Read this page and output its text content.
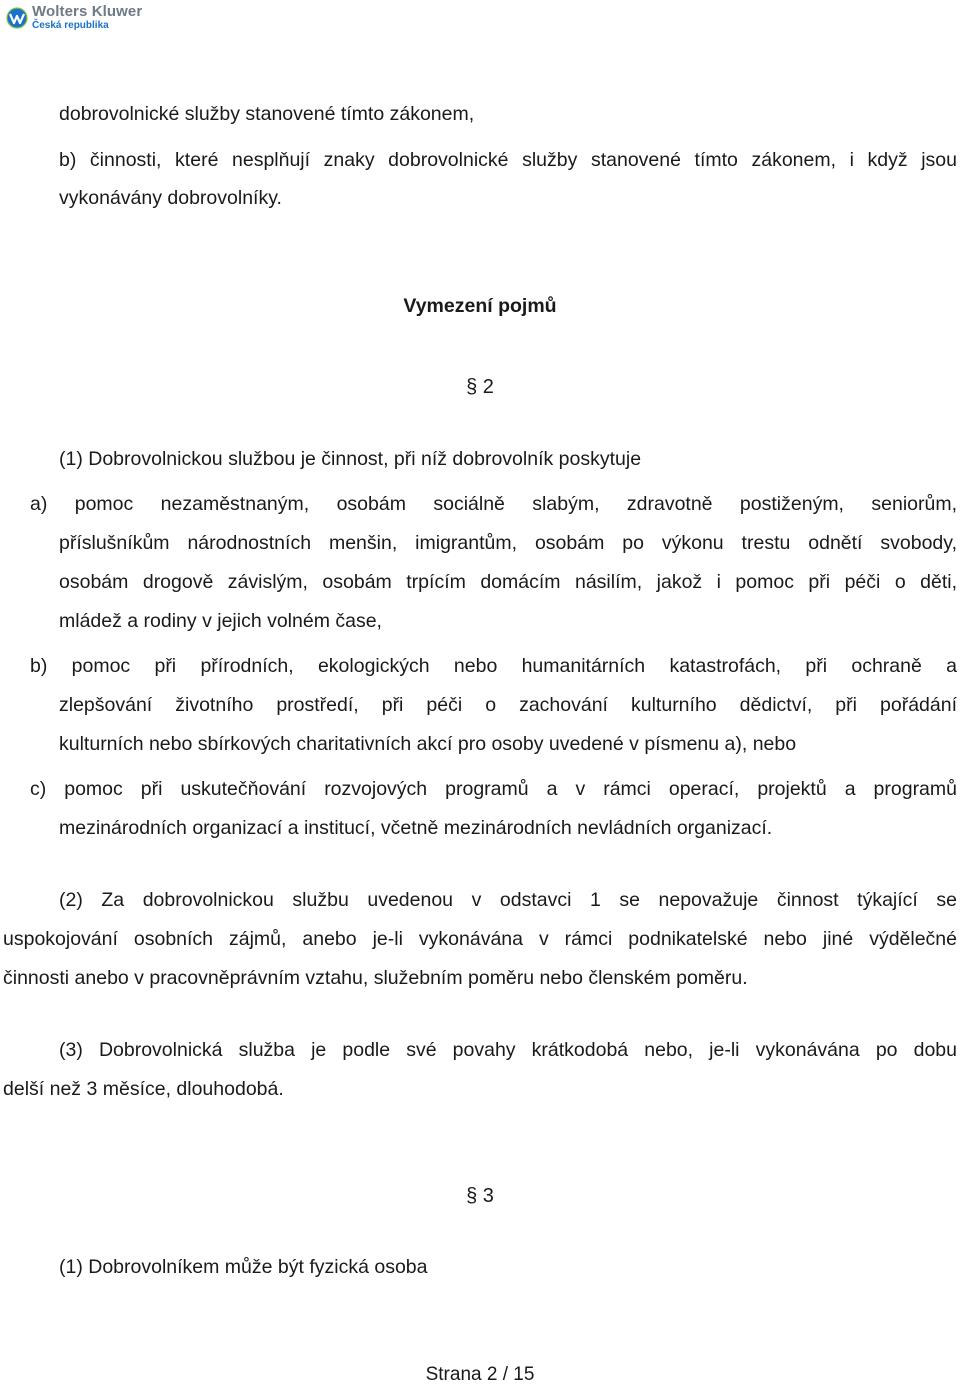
Wolters Kluwer
Česká republika
dobrovolnické služby stanovené tímto zákonem,
b) činnosti, které nesplňují znaky dobrovolnické služby stanovené tímto zákonem, i když jsou
vykonávány dobrovolníky.
Vymezení pojmů
§ 2
(1) Dobrovolnickou službou je činnost, při níž dobrovolník poskytuje
a) pomoc nezaměstnaným, osobám sociálně slabým, zdravotně postiženým, seniorům,
příslušníkům národnostních menšin, imigrantům, osobám po výkonu trestu odnětí svobody,
osobám drogově závislým, osobám trpícím domácím násilím, jakož i pomoc při péči o děti,
mládež a rodiny v jejich volném čase,
b) pomoc při přírodních, ekologických nebo humanitárních katastrofách, při ochraně a
zlepšování životního prostředí, při péči o zachování kulturního dědictví, při pořádání
kulturních nebo sbírkových charitativních akcí pro osoby uvedené v písmenu a), nebo
c) pomoc při uskutečňování rozvojových programů a v rámci operací, projektů a programů
mezinárodních organizací a institucí, včetně mezinárodních nevládních organizací.
(2) Za dobrovolnickou službu uvedenou v odstavci 1 se nepovažuje činnost týkající se
uspokojování osobních zájmů, anebo je-li vykonávána v rámci podnikatelské nebo jiné výdělečné
činnosti anebo v pracovněprávním vztahu, služebním poměru nebo členském poměru.
(3) Dobrovolnická služba je podle své povahy krátkodobá nebo, je-li vykonávána po dobu
delší než 3 měsíce, dlouhodobá.
§ 3
(1) Dobrovolníkem může být fyzická osoba
Strana 2 / 15
